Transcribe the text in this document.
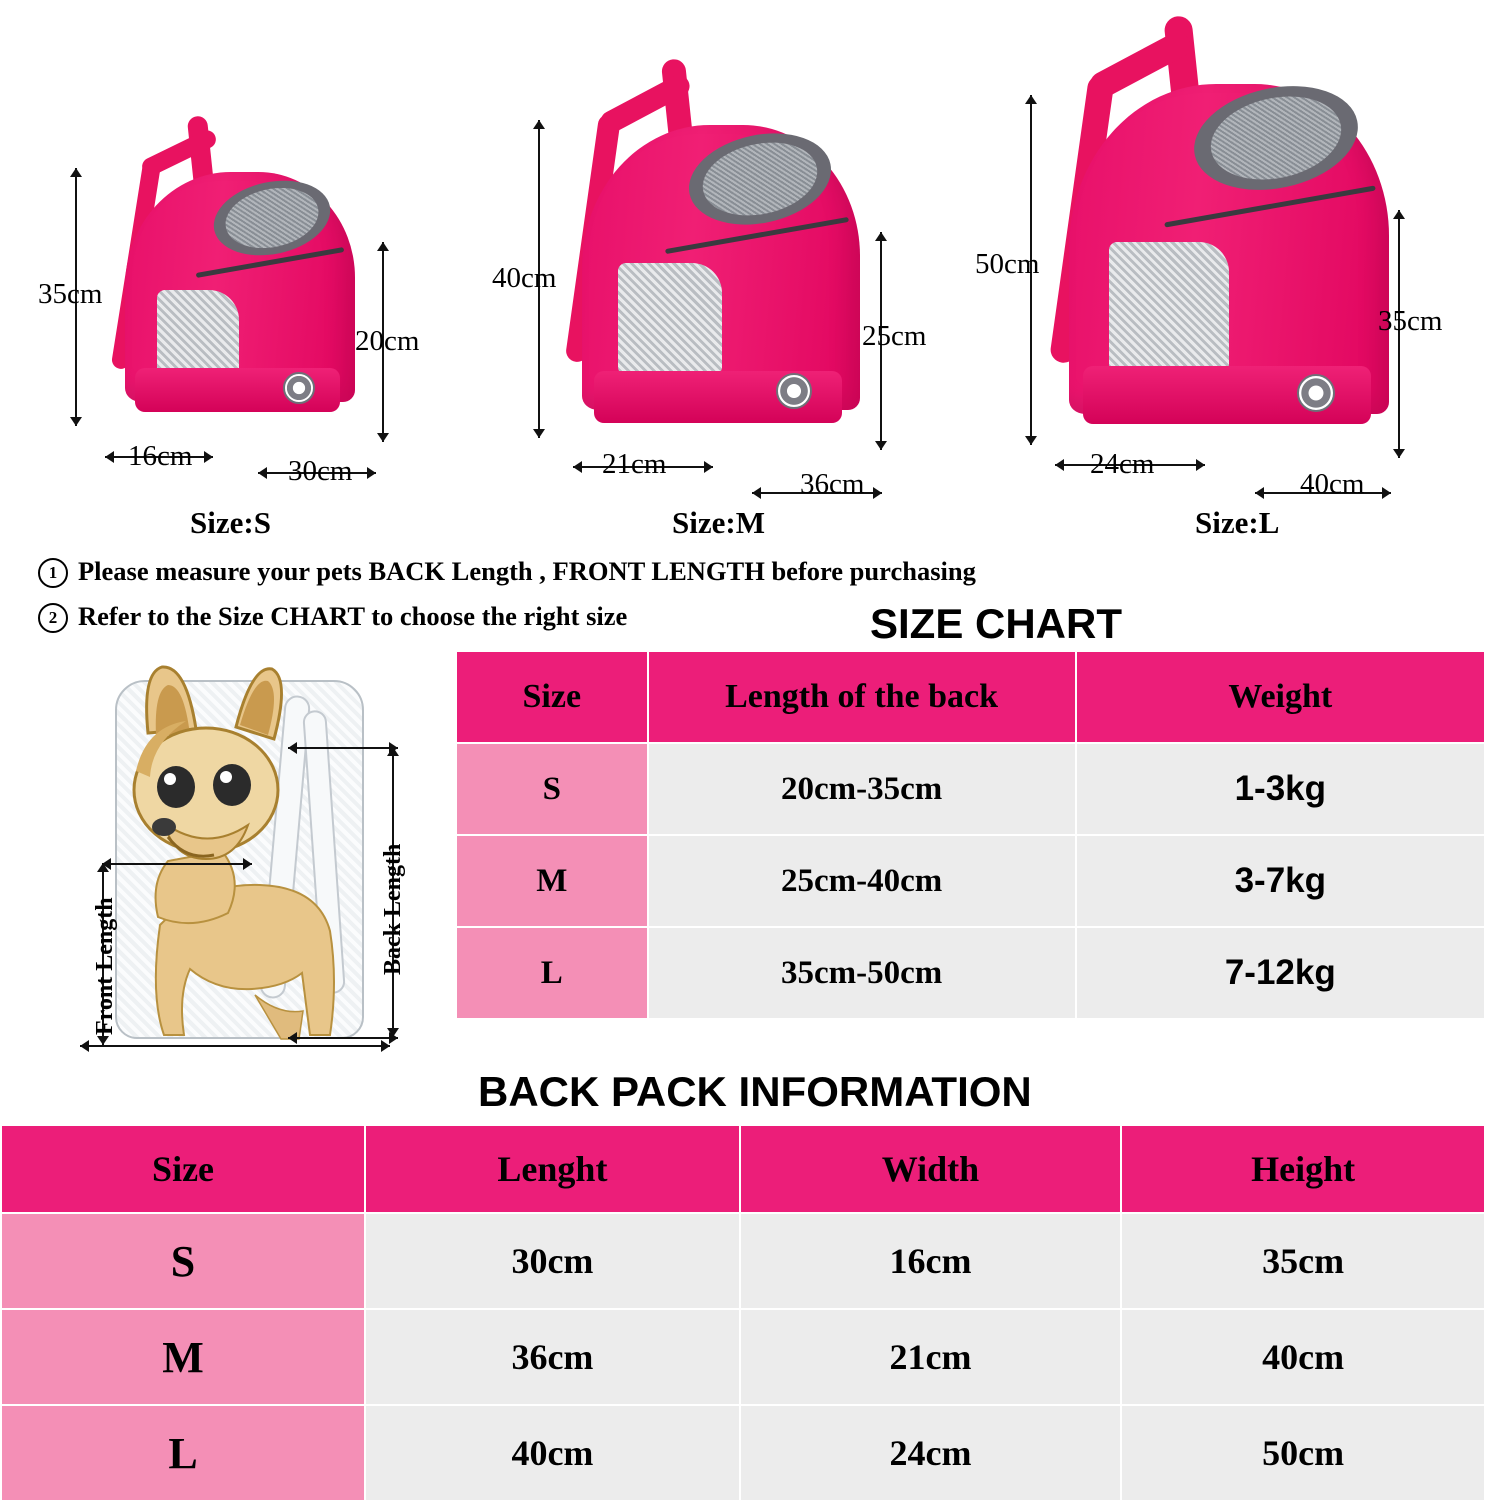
35cm
20cm
16cm	30cm
Size:S
40cm
25cm
21cm
36cm
Size:M
50cm
35cm
24cm
40cm
Size:L
1 Please measure your pets BACK Length , FRONT LENGTH before purchasing
2 Refer to the Size CHART to choose the right size	SIZE CHART
Size	Length of the back	Weight
S	20cm-35cm	1-3kg
M	25cm-40cm	3-7kg
L	35cm-50cm	7-12kg
Back Length
Front Length
BACK PACK INFORMATION
Size	Lenght	Width	Height
S	30cm	16cm	35cm
M	36cm	21cm	40cm
L	40cm	24cm	50cm
